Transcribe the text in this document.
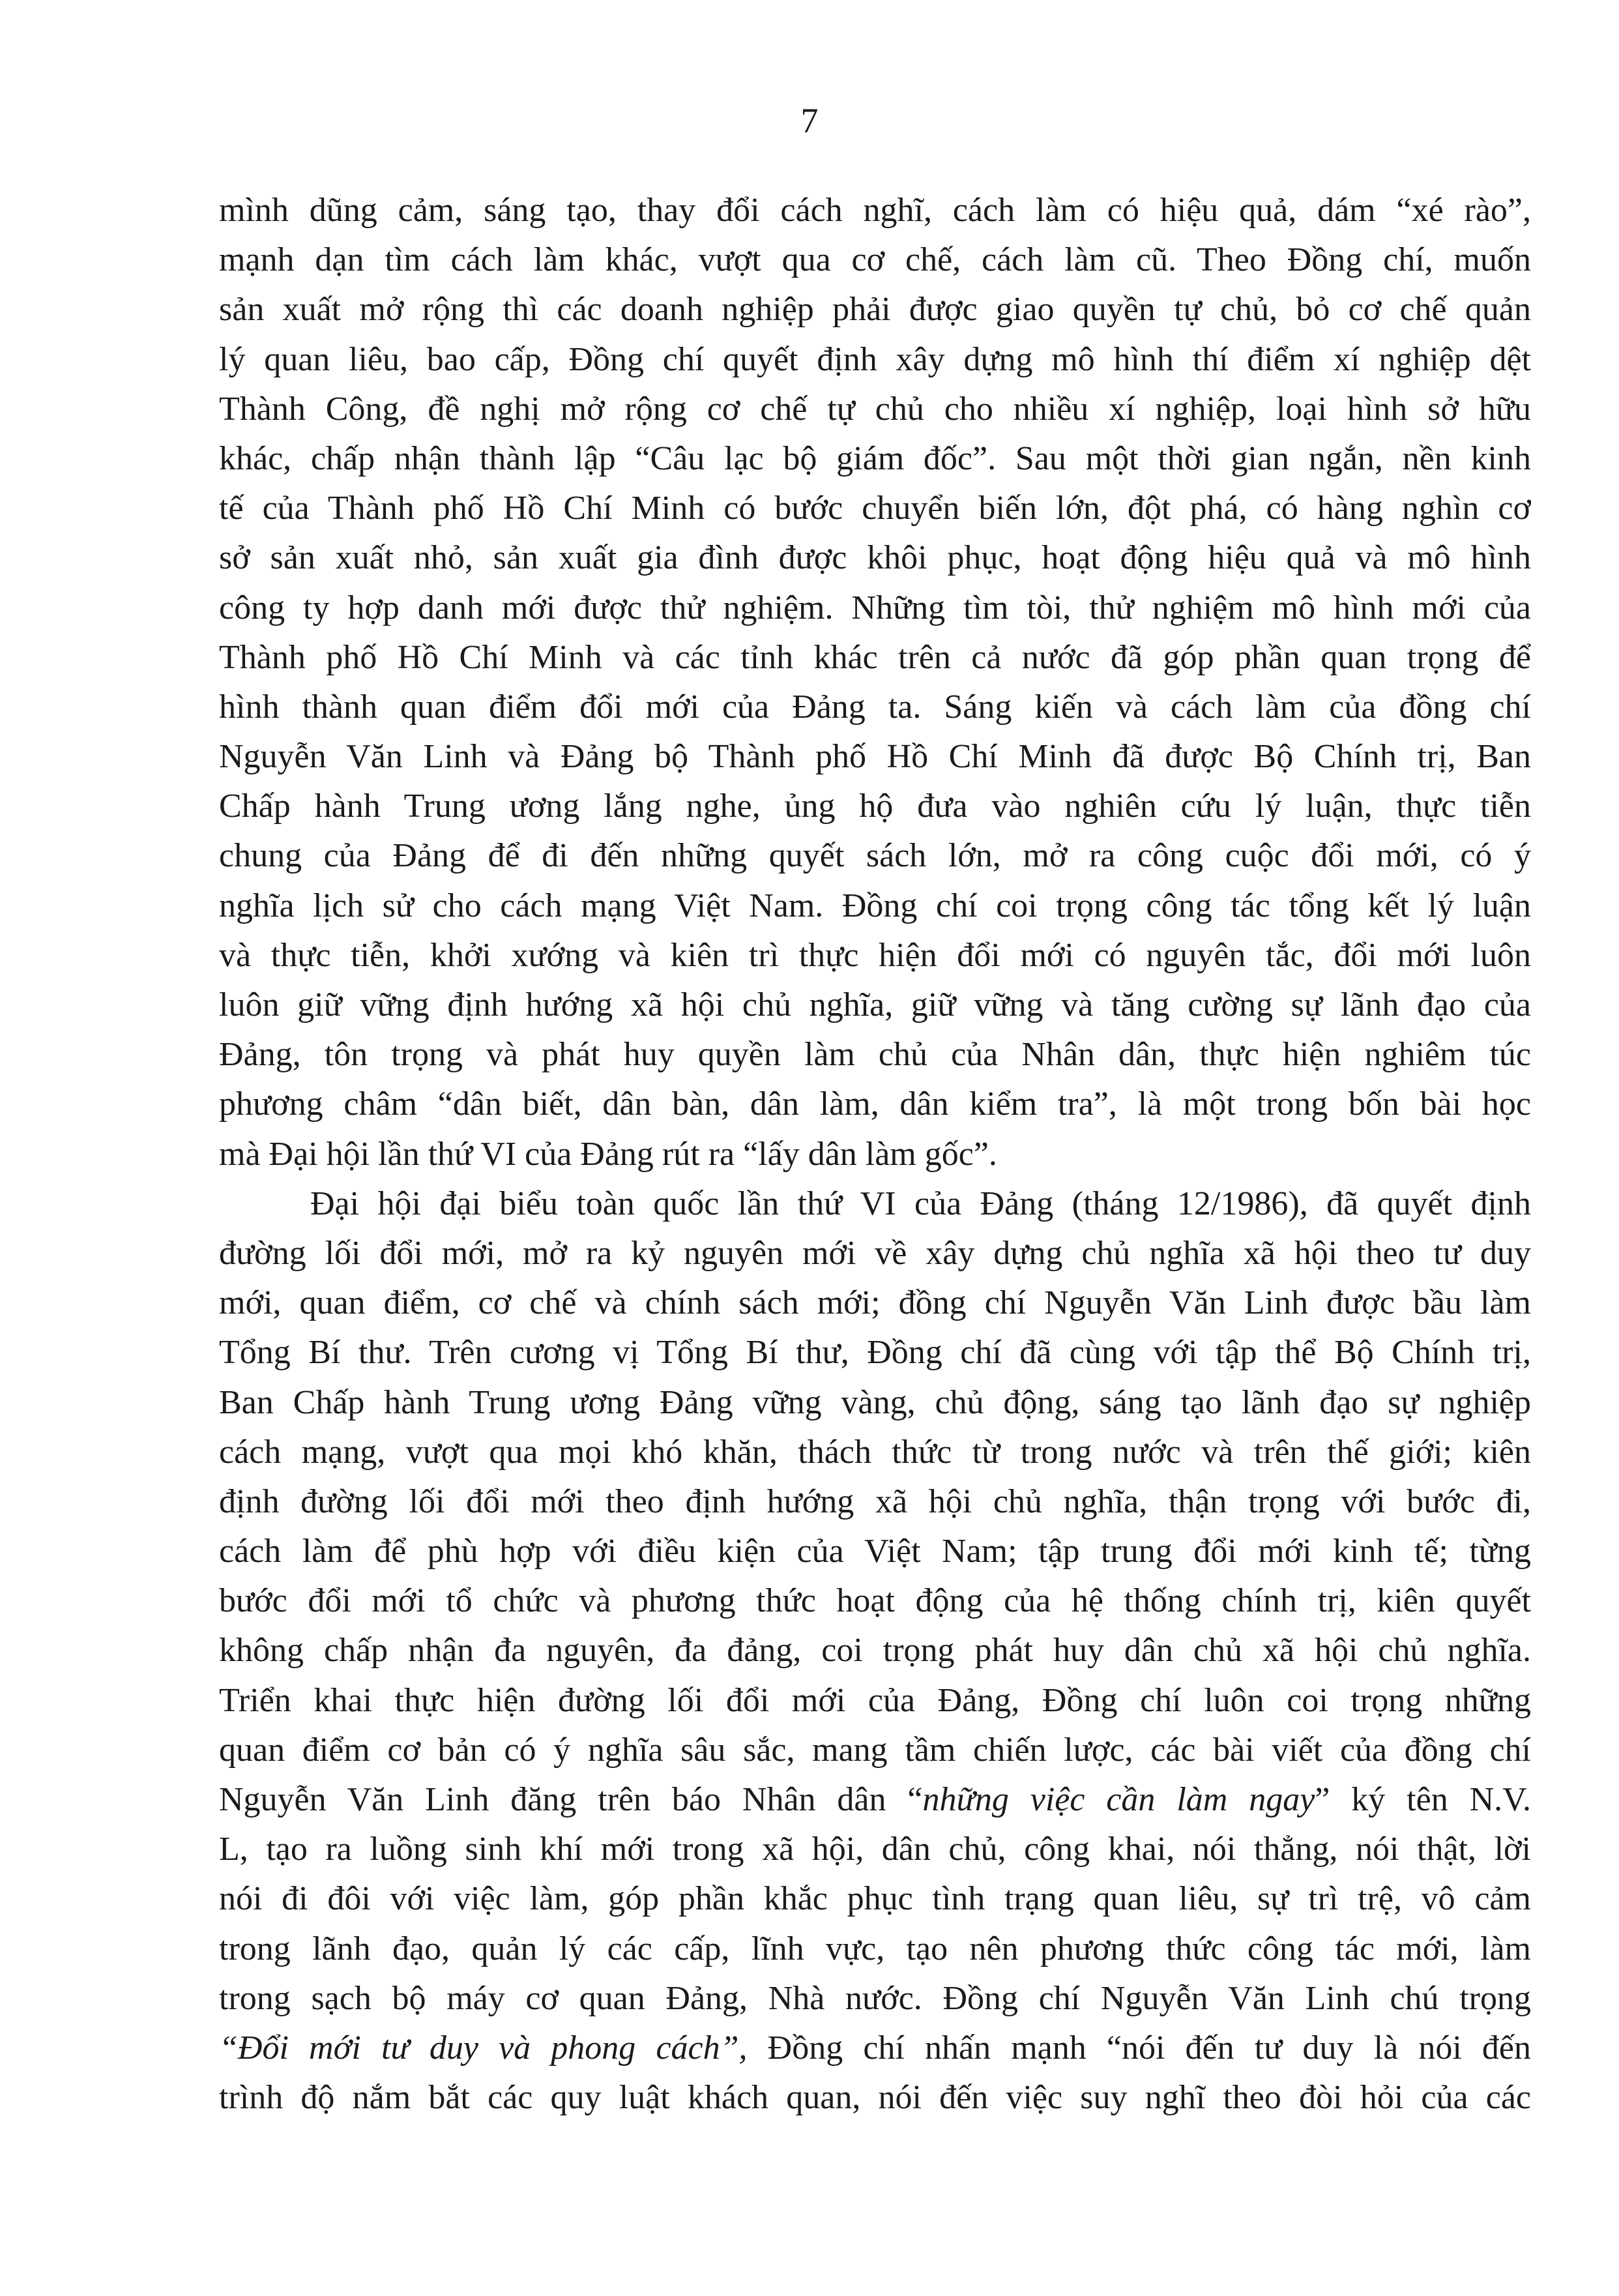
7
mình dũng cảm, sáng tạo, thay đổi cách nghĩ, cách làm có hiệu quả, dám “xé rào”,
mạnh dạn tìm cách làm khác, vượt qua cơ chế, cách làm cũ. Theo Đồng chí, muốn
sản xuất mở rộng thì các doanh nghiệp phải được giao quyền tự chủ, bỏ cơ chế quản
lý quan liêu, bao cấp, Đồng chí quyết định xây dựng mô hình thí điểm xí nghiệp dệt
Thành Công, đề nghị mở rộng cơ chế tự chủ cho nhiều xí nghiệp, loại hình sở hữu
khác, chấp nhận thành lập “Câu lạc bộ giám đốc”. Sau một thời gian ngắn, nền kinh
tế của Thành phố Hồ Chí Minh có bước chuyển biến lớn, đột phá, có hàng nghìn cơ
sở sản xuất nhỏ, sản xuất gia đình được khôi phục, hoạt động hiệu quả và mô hình
công ty hợp danh mới được thử nghiệm. Những tìm tòi, thử nghiệm mô hình mới của
Thành phố Hồ Chí Minh và các tỉnh khác trên cả nước đã góp phần quan trọng để
hình thành quan điểm đổi mới của Đảng ta. Sáng kiến và cách làm của đồng chí
Nguyễn Văn Linh và Đảng bộ Thành phố Hồ Chí Minh đã được Bộ Chính trị, Ban
Chấp hành Trung ương lắng nghe, ủng hộ đưa vào nghiên cứu lý luận, thực tiễn
chung của Đảng để đi đến những quyết sách lớn, mở ra công cuộc đổi mới, có ý
nghĩa lịch sử cho cách mạng Việt Nam. Đồng chí coi trọng công tác tổng kết lý luận
và thực tiễn, khởi xướng và kiên trì thực hiện đổi mới có nguyên tắc, đổi mới luôn
luôn giữ vững định hướng xã hội chủ nghĩa, giữ vững và tăng cường sự lãnh đạo của
Đảng, tôn trọng và phát huy quyền làm chủ của Nhân dân, thực hiện nghiêm túc
phương châm “dân biết, dân bàn, dân làm, dân kiểm tra”, là một trong bốn bài học
mà Đại hội lần thứ VI của Đảng rút ra “lấy dân làm gốc”.
Đại hội đại biểu toàn quốc lần thứ VI của Đảng (tháng 12/1986), đã quyết định
đường lối đổi mới, mở ra kỷ nguyên mới về xây dựng chủ nghĩa xã hội theo tư duy
mới, quan điểm, cơ chế và chính sách mới; đồng chí Nguyễn Văn Linh được bầu làm
Tổng Bí thư. Trên cương vị Tổng Bí thư, Đồng chí đã cùng với tập thể Bộ Chính trị,
Ban Chấp hành Trung ương Đảng vững vàng, chủ động, sáng tạo lãnh đạo sự nghiệp
cách mạng, vượt qua mọi khó khăn, thách thức từ trong nước và trên thế giới; kiên
định đường lối đổi mới theo định hướng xã hội chủ nghĩa, thận trọng với bước đi,
cách làm để phù hợp với điều kiện của Việt Nam; tập trung đổi mới kinh tế; từng
bước đổi mới tổ chức và phương thức hoạt động của hệ thống chính trị, kiên quyết
không chấp nhận đa nguyên, đa đảng, coi trọng phát huy dân chủ xã hội chủ nghĩa.
Triển khai thực hiện đường lối đổi mới của Đảng, Đồng chí luôn coi trọng những
quan điểm cơ bản có ý nghĩa sâu sắc, mang tầm chiến lược, các bài viết của đồng chí
Nguyễn Văn Linh đăng trên báo Nhân dân “những việc cần làm ngay” ký tên N.V.
L, tạo ra luồng sinh khí mới trong xã hội, dân chủ, công khai, nói thẳng, nói thật, lời
nói đi đôi với việc làm, góp phần khắc phục tình trạng quan liêu, sự trì trệ, vô cảm
trong lãnh đạo, quản lý các cấp, lĩnh vực, tạo nên phương thức công tác mới, làm
trong sạch bộ máy cơ quan Đảng, Nhà nước. Đồng chí Nguyễn Văn Linh chú trọng
“Đổi mới tư duy và phong cách”, Đồng chí nhấn mạnh “nói đến tư duy là nói đến
trình độ nắm bắt các quy luật khách quan, nói đến việc suy nghĩ theo đòi hỏi của các
